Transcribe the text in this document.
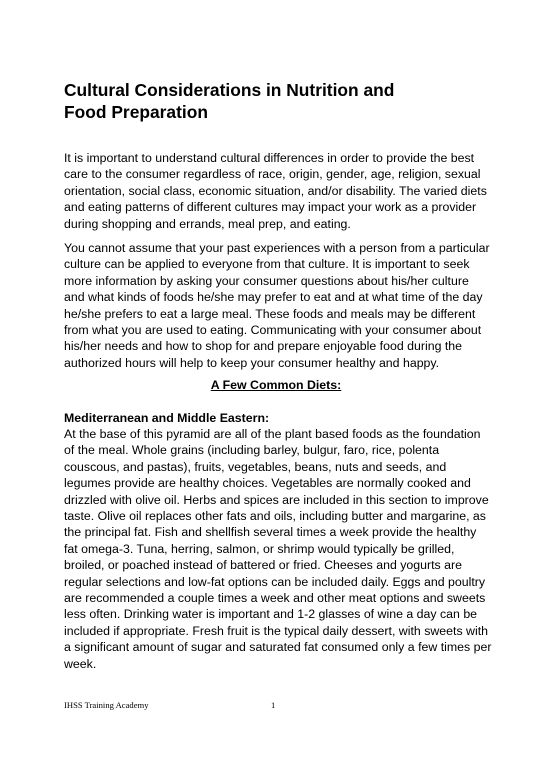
Cultural Considerations in Nutrition and
Food Preparation

It is important to understand cultural differences in order to provide the best care to the consumer regardless of race, origin, gender, age, religion, sexual orientation, social class, economic situation, and/or disability. The varied diets and eating patterns of different cultures may impact your work as a provider during shopping and errands, meal prep, and eating.

You cannot assume that your past experiences with a person from a particular culture can be applied to everyone from that culture. It is important to seek more information by asking your consumer questions about his/her culture and what kinds of foods he/she may prefer to eat and at what time of the day he/she prefers to eat a large meal. These foods and meals may be different from what you are used to eating. Communicating with your consumer about his/her needs and how to shop for and prepare enjoyable food during the authorized hours will help to keep your consumer healthy and happy.

A Few Common Diets:
Mediterranean and Middle Eastern:

At the base of this pyramid are all of the plant based foods as the foundation of the meal. Whole grains (including barley, bulgur, faro, rice, polenta couscous, and pastas), fruits, vegetables, beans, nuts and seeds, and legumes provide are healthy choices. Vegetables are normally cooked and drizzled with olive oil. Herbs and spices are included in this section to improve taste. Olive oil replaces other fats and oils, including butter and margarine, as the principal fat. Fish and shellfish several times a week provide the healthy fat omega-3. Tuna, herring, salmon, or shrimp would typically be grilled, broiled, or poached instead of battered or fried. Cheeses and yogurts are regular selections and low-fat options can be included daily. Eggs and poultry are recommended a couple times a week and other meat options and sweets less often. Drinking water is important and 1-2 glasses of wine a day can be included if appropriate. Fresh fruit is the typical daily dessert, with sweets with a significant amount of sugar and saturated fat consumed only a few times per week.

IHSS Training Academy	1
